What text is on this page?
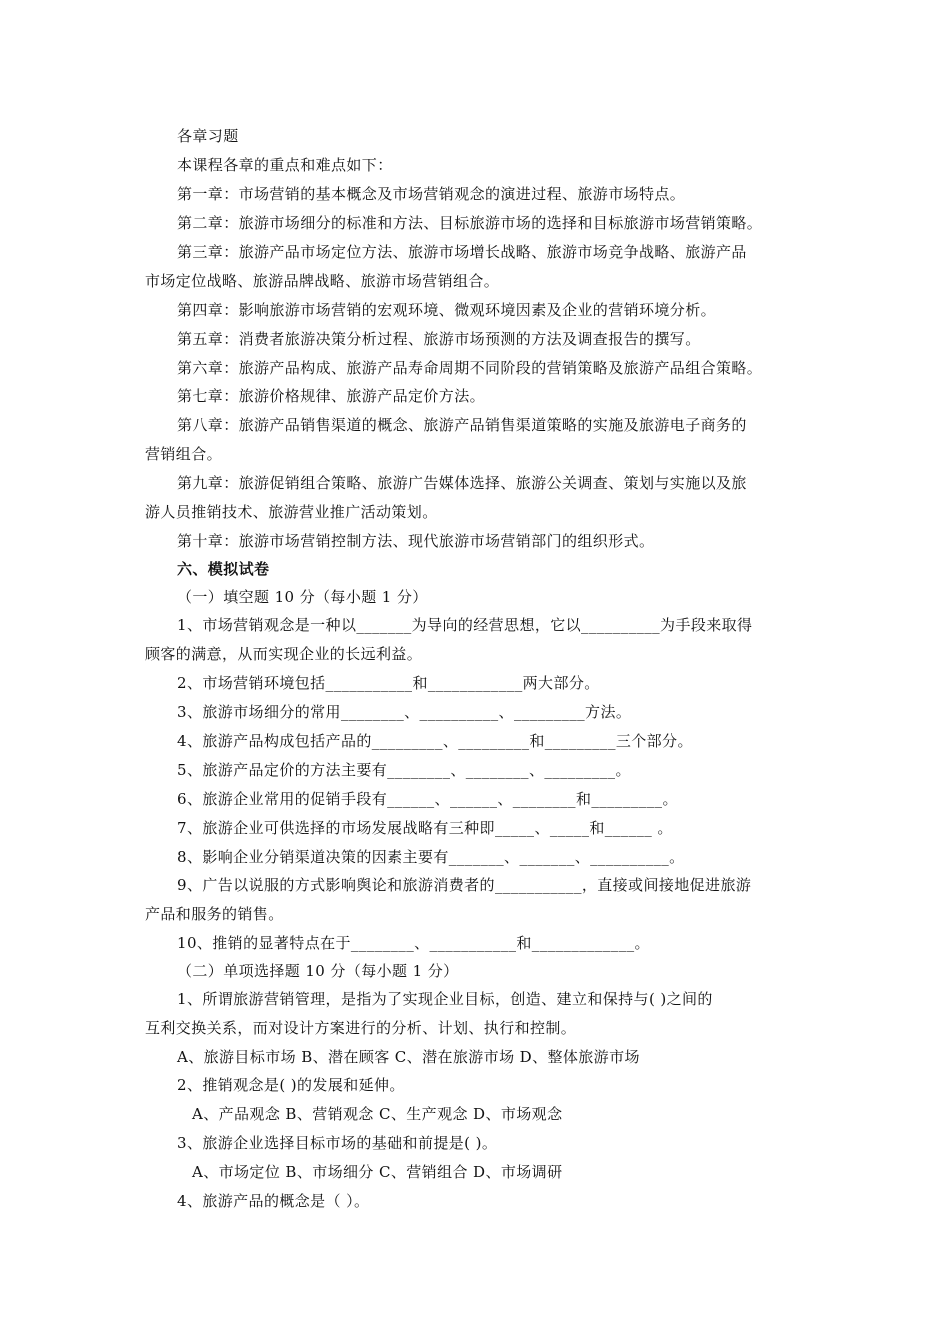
各章习题
本课程各章的重点和难点如下：
第一章：市场营销的基本概念及市场营销观念的演进过程、旅游市场特点。
第二章：旅游市场细分的标准和方法、目标旅游市场的选择和目标旅游市场营销策略。
第三章：旅游产品市场定位方法、旅游市场增长战略、旅游市场竞争战略、旅游产品
市场定位战略、旅游品牌战略、旅游市场营销组合。
第四章：影响旅游市场营销的宏观环境、微观环境因素及企业的营销环境分析。
第五章：消费者旅游决策分析过程、旅游市场预测的方法及调查报告的撰写。
第六章：旅游产品构成、旅游产品寿命周期不同阶段的营销策略及旅游产品组合策略。
第七章：旅游价格规律、旅游产品定价方法。
第八章：旅游产品销售渠道的概念、旅游产品销售渠道策略的实施及旅游电子商务的
营销组合。
第九章：旅游促销组合策略、旅游广告媒体选择、旅游公关调查、策划与实施以及旅
游人员推销技术、旅游营业推广活动策划。
第十章：旅游市场营销控制方法、现代旅游市场营销部门的组织形式。
六、模拟试卷
（一）填空题 10 分（每小题 1 分）
1、市场营销观念是一种以_______为导向的经营思想，它以__________为手段来取得
顾客的满意，从而实现企业的长远利益。
2、市场营销环境包括___________和____________两大部分。
3、旅游市场细分的常用________、__________、_________方法。
4、旅游产品构成包括产品的_________、_________和_________三个部分。
5、旅游产品定价的方法主要有________、________、_________。
6、旅游企业常用的促销手段有______、______、________和_________。
7、旅游企业可供选择的市场发展战略有三种即_____、_____和______ 。
8、影响企业分销渠道决策的因素主要有_______、_______、__________。
9、广告以说服的方式影响舆论和旅游消费者的___________，直接或间接地促进旅游
产品和服务的销售。
10、推销的显著特点在于________、___________和_____________。
（二）单项选择题 10 分（每小题 1 分）
1、所谓旅游营销管理，是指为了实现企业目标，创造、建立和保持与( )之间的
互利交换关系，而对设计方案进行的分析、计划、执行和控制。
A、旅游目标市场 B、潜在顾客 C、潜在旅游市场 D、整体旅游市场
2、推销观念是( )的发展和延伸。
A、产品观念 B、营销观念 C、生产观念 D、市场观念
3、旅游企业选择目标市场的基础和前提是( )。
A、市场定位 B、市场细分 C、营销组合 D、市场调研
4、旅游产品的概念是（ ）。
